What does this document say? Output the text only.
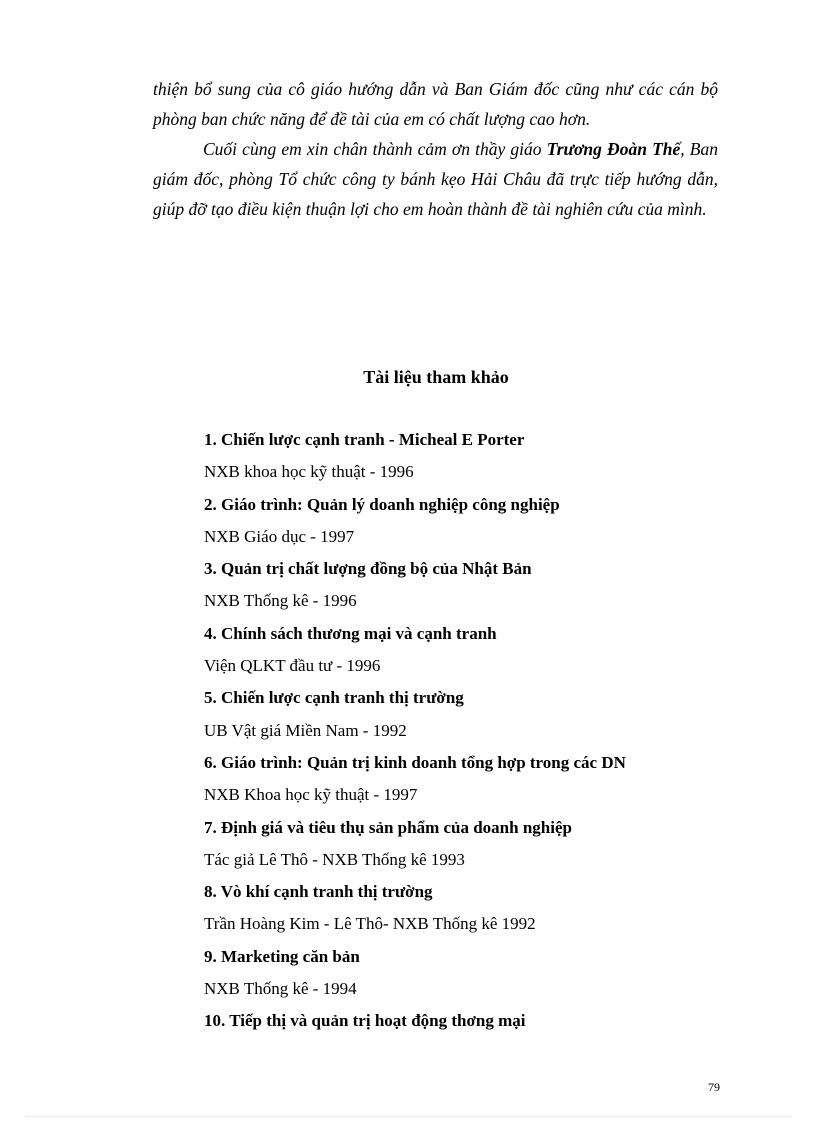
thiện bổ sung của cô giáo hướng dẫn và Ban Giám đốc cũng như các cán bộ phòng ban chức năng để đề tài của em có chất lượng cao hơn.

Cuối cùng em xin chân thành cảm ơn thầy giáo Trương Đoàn Thể, Ban giám đốc, phòng Tổ chức công ty bánh kẹo Hải Châu đã trực tiếp hướng dẫn, giúp đỡ tạo điều kiện thuận lợi cho em hoàn thành đề tài nghiên cứu của mình.

Tài liệu tham khảo
1. Chiến lược cạnh tranh - Micheal E Porter
NXB khoa học kỹ thuật - 1996
2. Giáo trình: Quản lý doanh nghiệp công nghiệp
NXB Giáo dục - 1997
3. Quản trị chất lượng đồng bộ của Nhật Bản
NXB Thống kê - 1996
4. Chính sách thương mại và cạnh tranh
Viện QLKT đầu tư - 1996
5. Chiến lược cạnh tranh thị trường
UB Vật giá Miền Nam - 1992
6. Giáo trình: Quản trị kinh doanh tổng hợp trong các DN
NXB Khoa học kỹ thuật - 1997
7. Định giá và tiêu thụ sản phẩm của doanh nghiệp
Tác giả Lê Thô - NXB Thống kê 1993
8. Vò khí cạnh tranh thị trường
Trần Hoàng Kim - Lê Thô- NXB Thống kê 1992
9. Marketing căn bản
NXB Thống kê - 1994
10. Tiếp thị và quản trị hoạt động thơng mại
79
